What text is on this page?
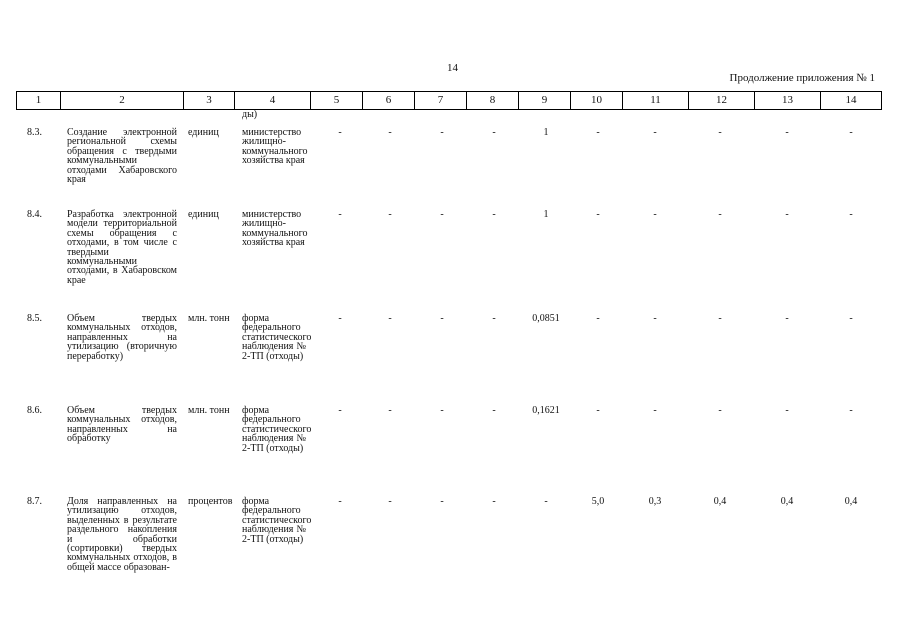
14
Продолжение приложения № 1
1	2	3	4	5	6	7	8	9	10	11	12	13	14
ды)
8.3.	Создание электронной региональной схемы обращения с твердыми коммунальными отходами Хабаровского края
единиц	министерство жилищно-коммунального хозяйства края
-	-	-	-	1	-	-	-	-	-
8.4.	Разработка электронной модели территориальной схемы обращения с отходами, в том числе с твердыми коммунальными отходами, в Хабаровском крае
единиц	министерство жилищно-коммунального хозяйства края
-	-	-	-	1	-	-	-	-	-
8.5.	Объем твердых коммунальных отходов, направленных на утилизацию (вторичную переработку)
млн. тонн	форма федерального статистического наблюдения № 2-ТП (отходы)
-	-	-	-	0,0851	-	-	-	-	-
8.6.	Объем твердых коммунальных отходов, направленных на обработку
млн. тонн	форма федерального статистического наблюдения № 2-ТП (отходы)
-	-	-	-	0,1621	-	-	-	-	-
8.7.	Доля направленных на утилизацию отходов, выделенных в результате раздельного накопления и обработки (сортировки) твердых коммунальных отходов, в общей массе образован-
процентов форма федерального статистического наблюдения № 2-ТП (отходы)
-	-	-	-	-	5,0	0,3	0,4	0,4	0,4
